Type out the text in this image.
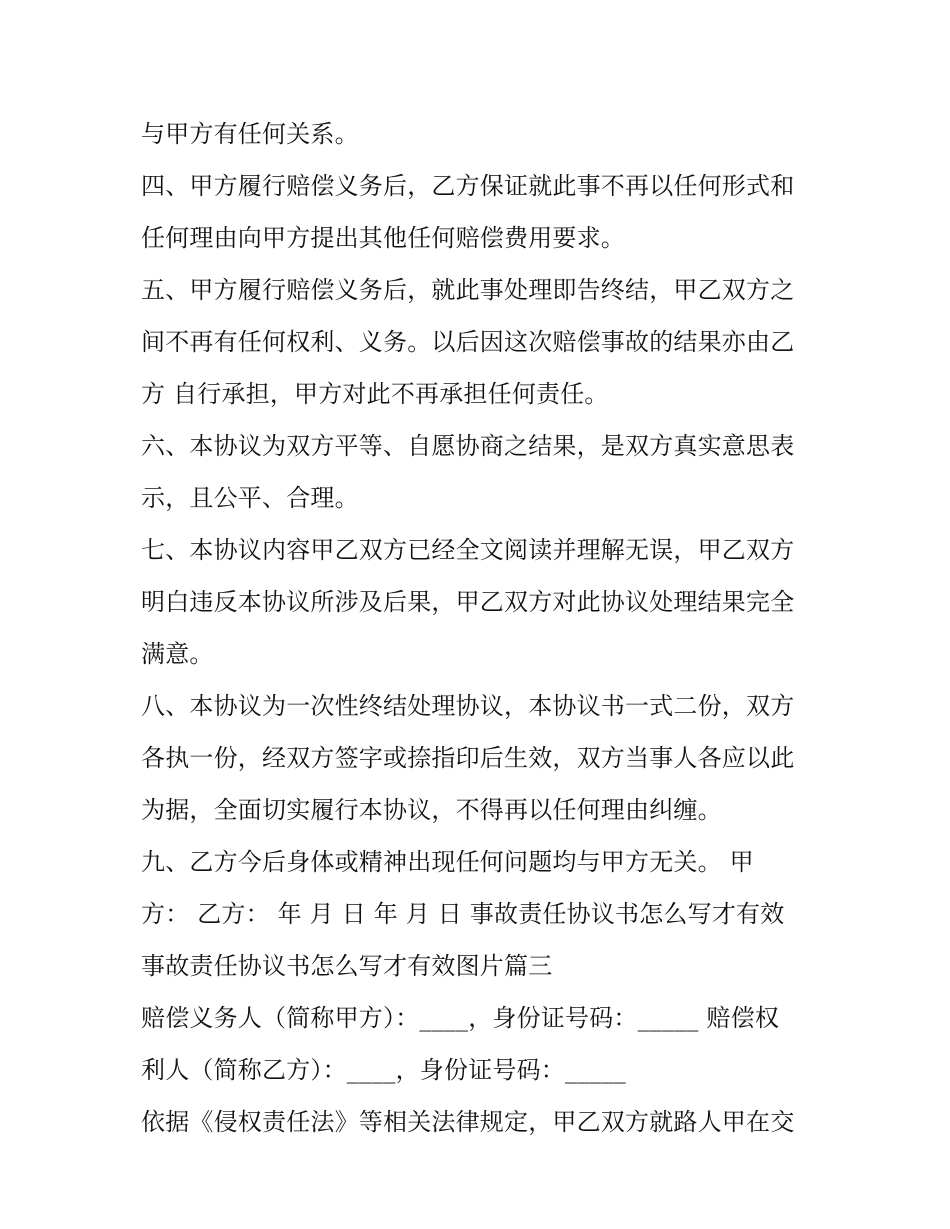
与甲方有任何关系。
四、甲方履行赔偿义务后，乙方保证就此事不再以任何形式和
任何理由向甲方提出其他任何赔偿费用要求。
五、甲方履行赔偿义务后，就此事处理即告终结，甲乙双方之
间不再有任何权利、义务。以后因这次赔偿事故的结果亦由乙
方 自行承担，甲方对此不再承担任何责任。
六、本协议为双方平等、自愿协商之结果，是双方真实意思表
示，且公平、合理。
七、本协议内容甲乙双方已经全文阅读并理解无误，甲乙双方
明白违反本协议所涉及后果，甲乙双方对此协议处理结果完全
满意。
八、本协议为一次性终结处理协议，本协议书一式二份，双方
各执一份，经双方签字或捺指印后生效，双方当事人各应以此
为据，全面切实履行本协议，不得再以任何理由纠缠。
九、乙方今后身体或精神出现任何问题均与甲方无关。 甲
方： 乙方： 年 月 日 年 月 日 事故责任协议书怎么写才有效
事故责任协议书怎么写才有效图片篇三
赔偿义务人（简称甲方）：____，身份证号码：_____ 赔偿权
利人（简称乙方）：____，身份证号码：_____
依据《侵权责任法》等相关法律规定，甲乙双方就路人甲在交
